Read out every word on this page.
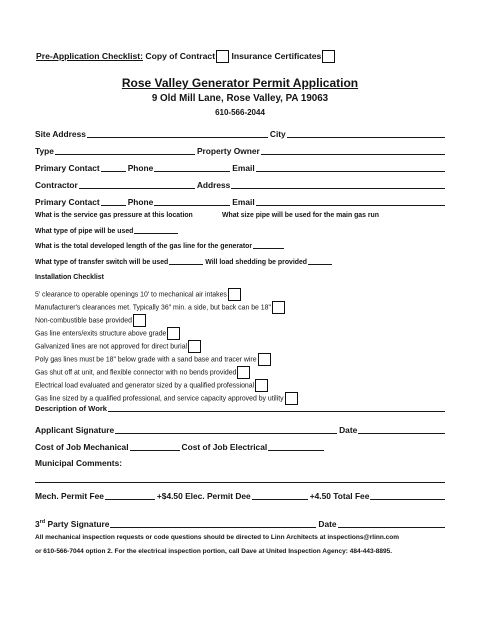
Pre-Application Checklist: Copy of Contract Insurance Certificates
Rose Valley Generator Permit Application
9 Old Mill Lane, Rose Valley, PA 19063
610-566-2044
Site Address	City
Type	Property Owner
Primary Contact	Phone	Email
Contractor	Address
Primary Contact	Phone	Email
What is the service gas pressure at this location	What size pipe will be used for the main gas run
What type of pipe will be used
What is the total developed length of the gas line for the generator
What type of transfer switch will be used	Will load shedding be provided
Installation Checklist
5' clearance to operable openings 10' to mechanical air intakes
Manufacturer's clearances met. Typically 36" min. a side, but back can be 18"
Non-combustible base provided
Gas line enters/exits structure above grade
Galvanized lines are not approved for direct burial
Poly gas lines must be 18" below grade with a sand base and tracer wire
Gas shut off at unit, and flexible connector with no bends provided
Electrical load evaluated and generator sized by a qualified professional
Gas line sized by a qualified professional, and service capacity approved by utility
Description of Work
Applicant Signature	Date
Cost of Job Mechanical	Cost of Job Electrical
Municipal Comments:
Mech. Permit Fee	+$4.50 Elec. Permit Dee	+4.50 Total Fee
3rd Party Signature	Date
All mechanical inspection requests or code questions should be directed to Linn Architects at inspections@rlinn.com
or 610-566-7044 option 2. For the electrical inspection portion, call Dave at United Inspection Agency: 484-443-8895.
